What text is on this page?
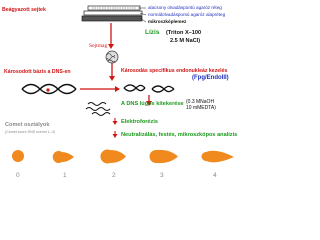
Beágyazott sejtek	alacsony olvadáspontú agaróz réteg
normálolvadáspontú agaróz alapréteg
mikroszkóplemez
Lízis (Triton X–100
2.5 M NaCl)
Sejtmag
Károsodott bázis a DNS-en	Károsodás specifikus endonukleáz kezelés
(Fpg/EndoIII)
A DNS lúgos kitekerése (0.3 MNaOH
10 mMEDTA)
Elektroforézis
Neutralizálás, festés, mikroszkópos analízis
Comet osztályok
(Comet score DNS szerint 1–4)
0	1	2	3	4
